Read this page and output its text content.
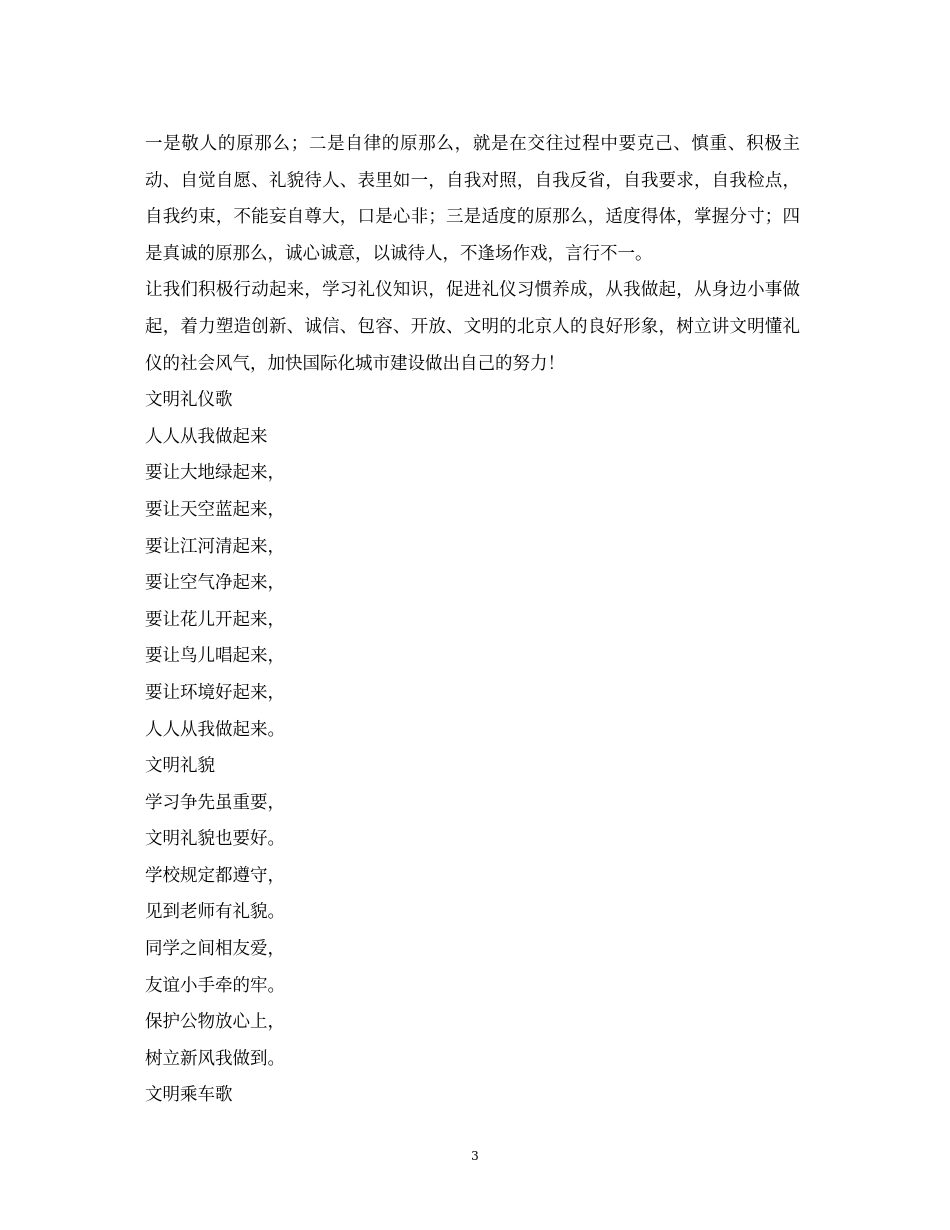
一是敬人的原那么；二是自律的原那么，就是在交往过程中要克己、慎重、积极主动、自觉自愿、礼貌待人、表里如一，自我对照，自我反省，自我要求，自我检点，自我约束，不能妄自尊大，口是心非；三是适度的原那么，适度得体，掌握分寸；四是真诚的原那么，诚心诚意，以诚待人，不逢场作戏，言行不一。

让我们积极行动起来，学习礼仪知识，促进礼仪习惯养成，从我做起，从身边小事做起，着力塑造创新、诚信、包容、开放、文明的北京人的良好形象，树立讲文明懂礼仪的社会风气，加快国际化城市建设做出自己的努力！

文明礼仪歌

人人从我做起来

要让大地绿起来，

要让天空蓝起来，

要让江河清起来，

要让空气净起来，

要让花儿开起来，

要让鸟儿唱起来，

要让环境好起来，

人人从我做起来。

文明礼貌

学习争先虽重要，

文明礼貌也要好。

学校规定都遵守，

见到老师有礼貌。

同学之间相友爱，

友谊小手牵的牢。

保护公物放心上，

树立新风我做到。

文明乘车歌

3
